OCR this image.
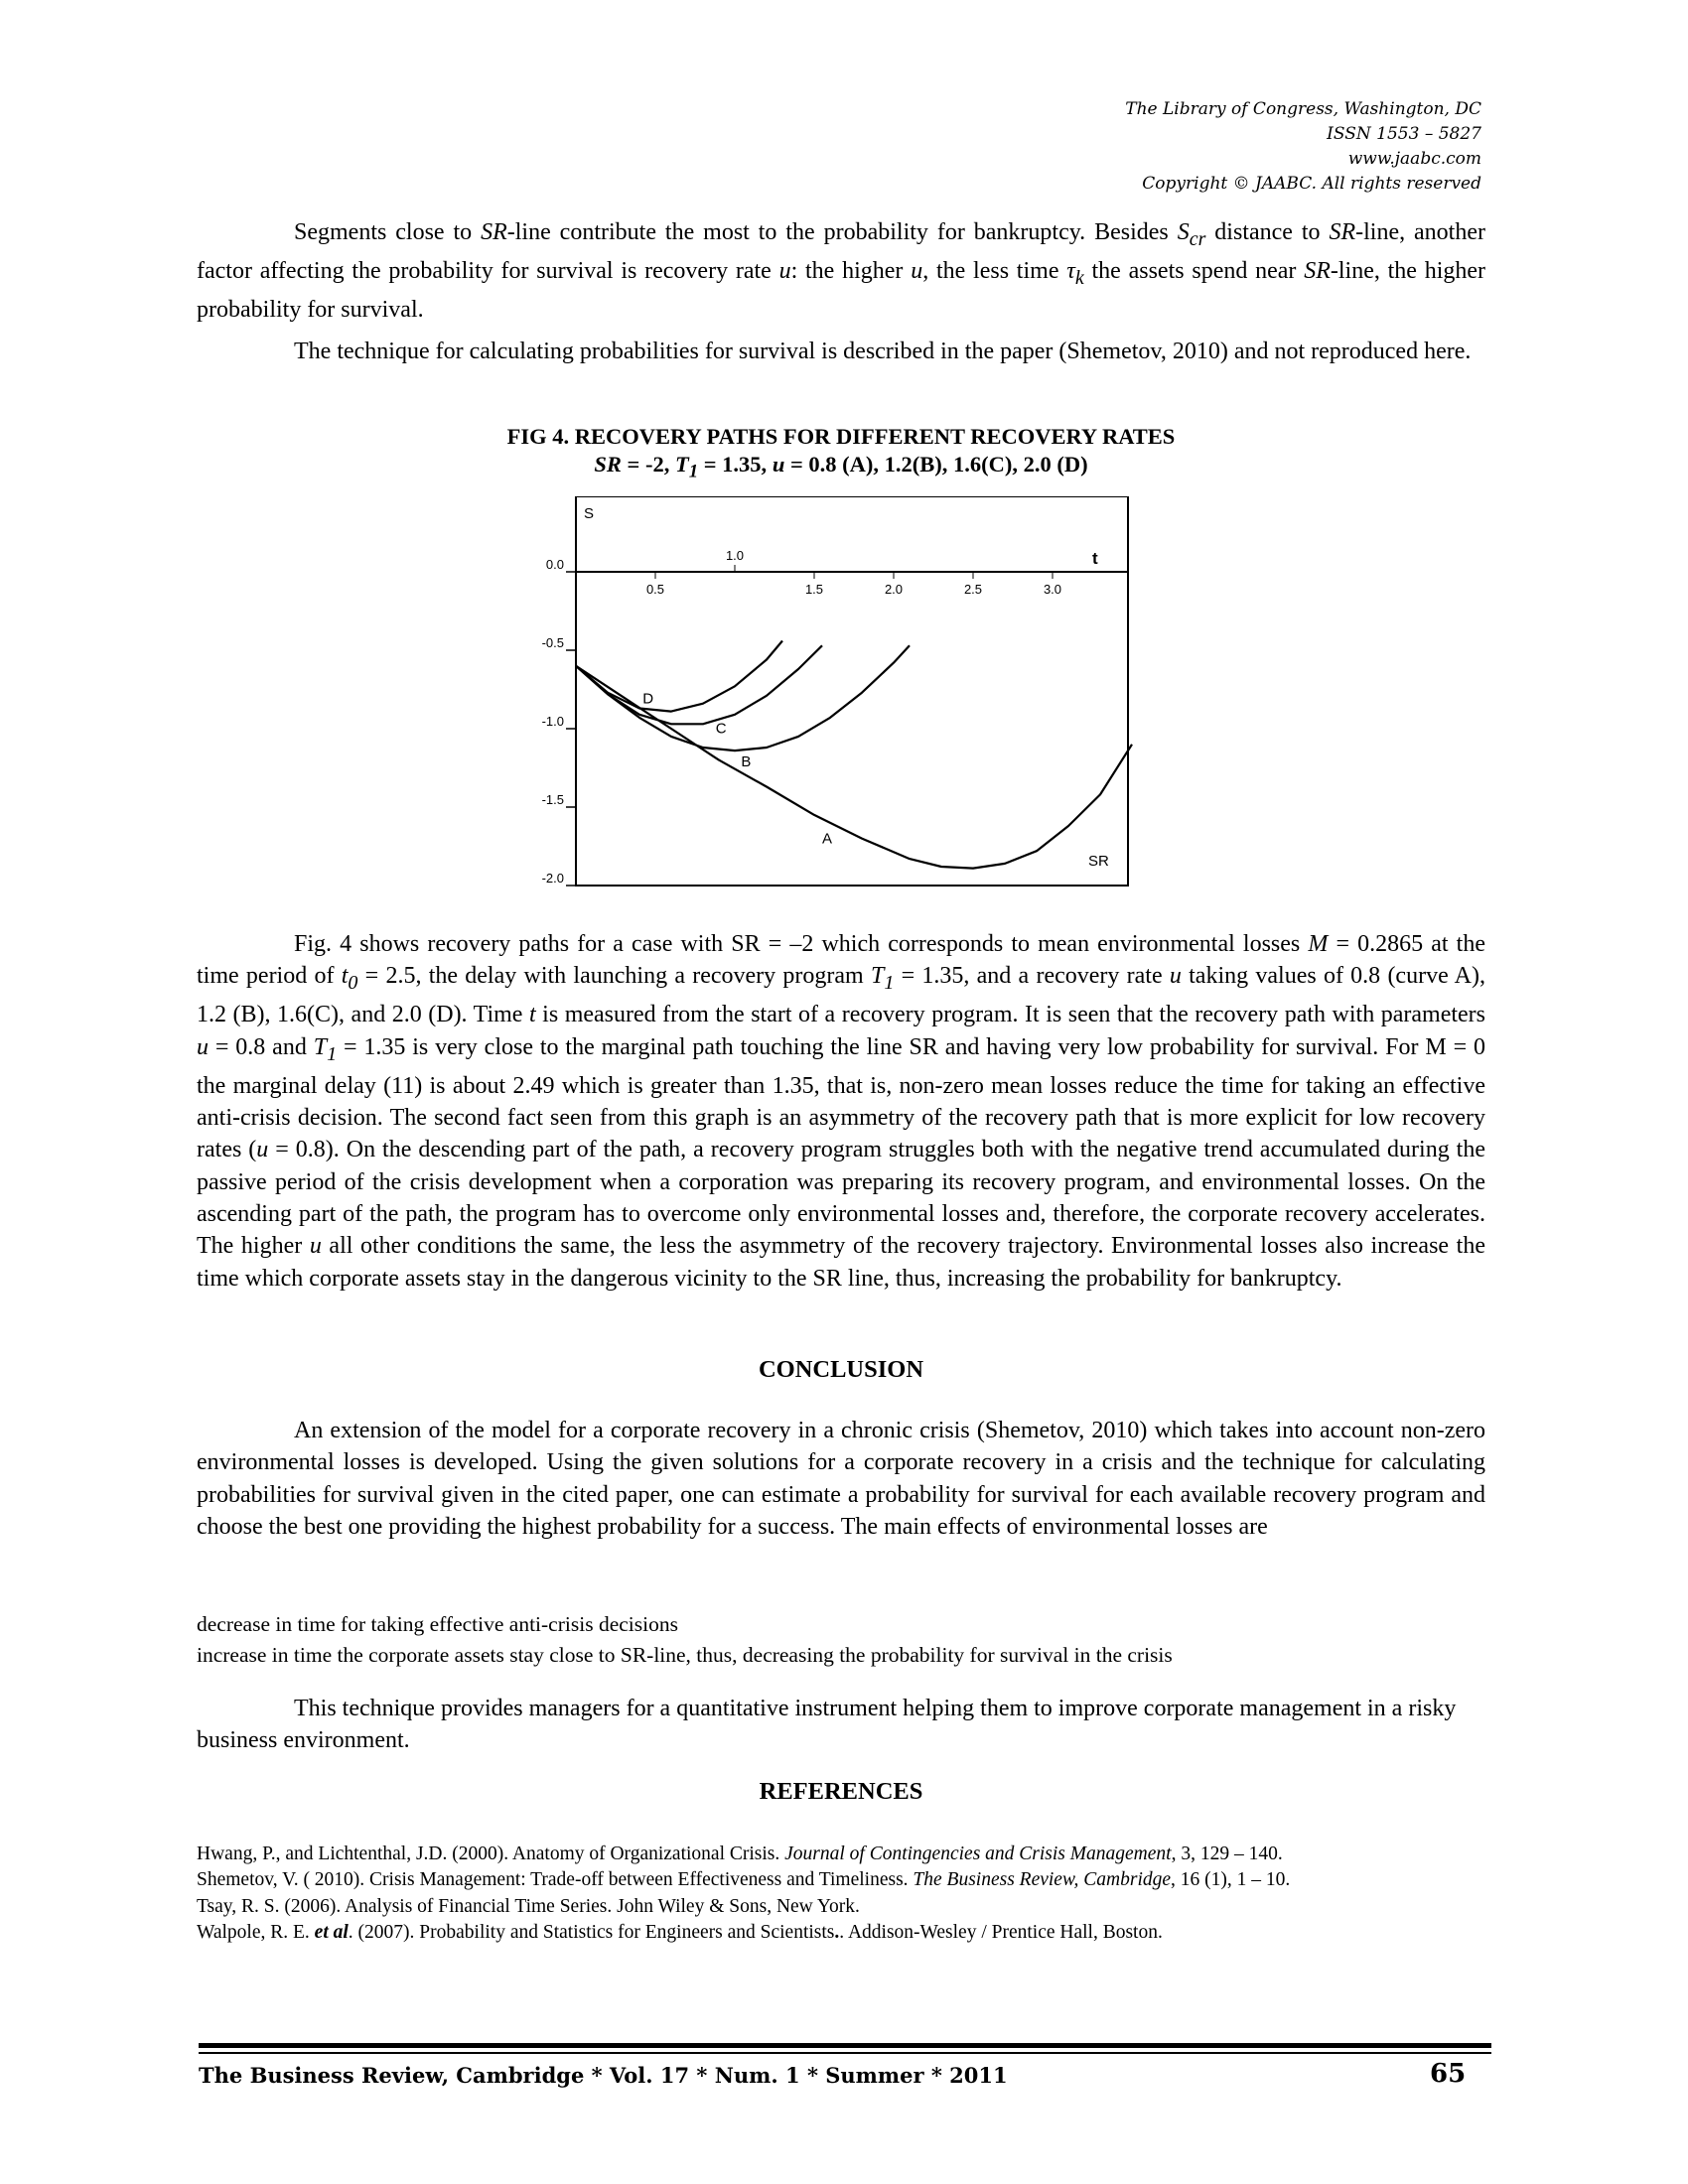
The Library of Congress, Washington, DC
ISSN 1553 – 5827
www.jaabc.com
Copyright © JAABC. All rights reserved

Segments close to SR-line contribute the most to the probability for bankruptcy. Besides $S_{cr}$ distance to SR-line, another factor affecting the probability for survival is recovery rate u: the higher u, the less time $\tau_k$ the assets spend near SR-line, the higher probability for survival.

The technique for calculating probabilities for survival is described in the paper (Shemetov, 2010) and not reproduced here.

FIG 4. RECOVERY PATHS FOR DIFFERENT RECOVERY RATES
SR = -2, $T_1 = 1.35$, u = 0.8 (A), 1.2(B), 1.6(C), 2.0 (D)
0.5	1.5	2.0	2.5	3.0
1.0
0.0
-0.5
-1.0
-1.5
-2.0
t
S
A
B
C
D
SR

Fig. 4 shows recovery paths for a case with SR = –2 which corresponds to mean environmental losses M = 0.2865 at the time period of $t_0 = 2.5$, the delay with launching a recovery program $T_1 = 1.35$, and a recovery rate u taking values of 0.8 (curve A), 1.2 (B), 1.6(C), and 2.0 (D). Time t is measured from the start of a recovery program. It is seen that the recovery path with parameters u = 0.8 and $T_1 = 1.35$ is very close to the marginal path touching the line SR and having very low probability for survival. For M = 0 the marginal delay (11) is about 2.49 which is greater than 1.35, that is, non-zero mean losses reduce the time for taking an effective anti-crisis decision. The second fact seen from this graph is an asymmetry of the recovery path that is more explicit for low recovery rates (u = 0.8). On the descending part of the path, a recovery program struggles both with the negative trend accumulated during the passive period of the crisis development when a corporation was preparing its recovery program, and environmental losses. On the ascending part of the path, the program has to overcome only environmental losses and, therefore, the corporate recovery accelerates. The higher u all other conditions the same, the less the asymmetry of the recovery trajectory. Environmental losses also increase the time which corporate assets stay in the dangerous vicinity to the SR line, thus, increasing the probability for bankruptcy.

CONCLUSION

An extension of the model for a corporate recovery in a chronic crisis (Shemetov, 2010) which takes into account non-zero environmental losses is developed. Using the given solutions for a corporate recovery in a crisis and the technique for calculating probabilities for survival given in the cited paper, one can estimate a probability for survival for each available recovery program and choose the best one providing the highest probability for a success. The main effects of environmental losses are

decrease in time for taking effective anti-crisis decisions
increase in time the corporate assets stay close to SR-line, thus, decreasing the probability for survival in the crisis

This technique provides managers for a quantitative instrument helping them to improve corporate management in a risky business environment.

REFERENCES
Hwang, P., and Lichtenthal, J.D. (2000). Anatomy of Organizational Crisis. Journal of Contingencies and Crisis Management, 3, 129 – 140.
Shemetov, V. ( 2010). Crisis Management: Trade-off between Effectiveness and Timeliness. The Business Review, Cambridge, 16 (1), 1 – 10.
Tsay, R. S. (2006). Analysis of Financial Time Series. John Wiley & Sons, New York.
Walpole, R. E. et al. (2007). Probability and Statistics for Engineers and Scientists.. Addison-Wesley / Prentice Hall, Boston.
The Business Review, Cambridge * Vol. 17 * Num. 1 * Summer * 2011	65
